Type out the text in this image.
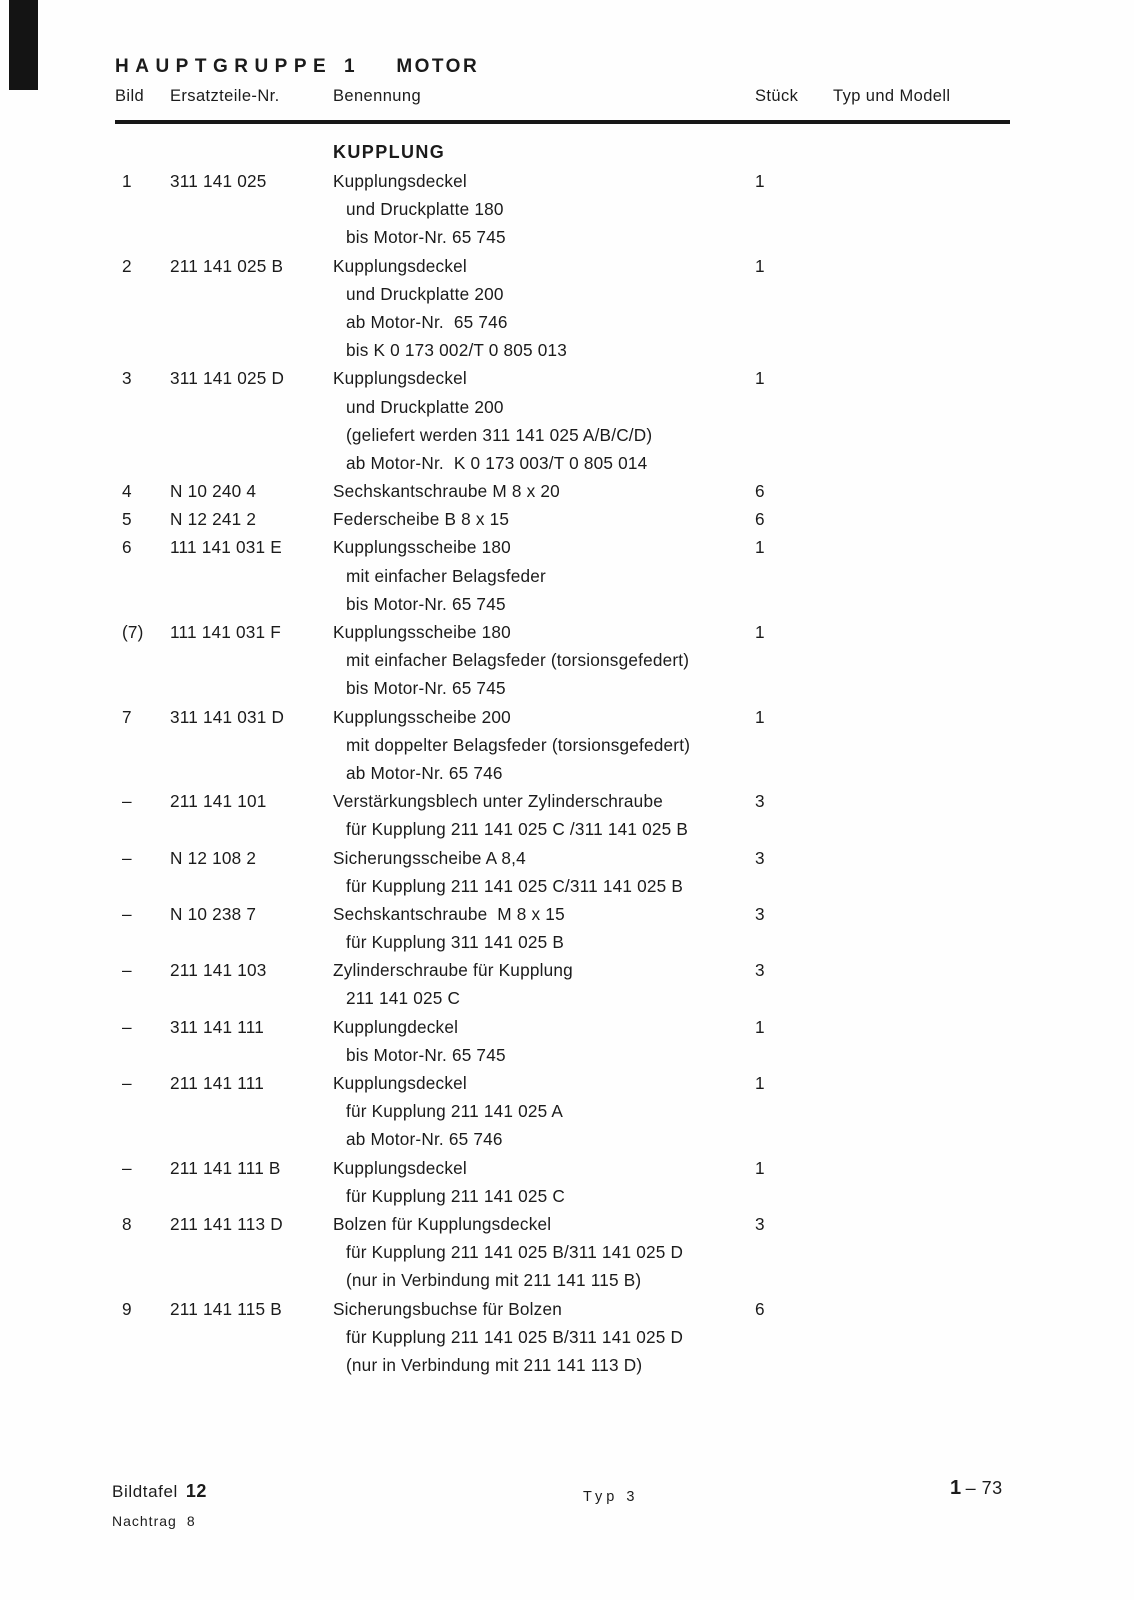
HAUPTGRUPPE 1 MOTOR
Bild	Ersatzteile-Nr.	Benennung	Stück	Typ und Modell
KUPPLUNG
1	311 141 025	Kupplungsdeckel	1
und Druckplatte 180
bis Motor-Nr. 65 745
2	211 141 025 B	Kupplungsdeckel	1
und Druckplatte 200
ab Motor-Nr.  65 746
bis K 0 173 002/T 0 805 013
3	311 141 025 D	Kupplungsdeckel	1
und Druckplatte 200
(geliefert werden 311 141 025 A/B/C/D)
ab Motor-Nr.  K 0 173 003/T 0 805 014
4	N 10 240 4	Sechskantschraube M 8 x 20	6
5	N 12 241 2	Federscheibe B 8 x 15	6
6	111 141 031 E	Kupplungsscheibe 180	1
mit einfacher Belagsfeder
bis Motor-Nr. 65 745
(7)	111 141 031 F	Kupplungsscheibe 180	1
mit einfacher Belagsfeder (torsionsgefedert)
bis Motor-Nr. 65 745
7	311 141 031 D	Kupplungsscheibe 200	1
mit doppelter Belagsfeder (torsionsgefedert)
ab Motor-Nr. 65 746
–	211 141 101	Verstärkungsblech unter Zylinderschraube	3
für Kupplung 211 141 025 C /311 141 025 B
–	N 12 108 2	Sicherungsscheibe A 8,4	3
für Kupplung 211 141 025 C/311 141 025 B
–	N 10 238 7	Sechskantschraube  M 8 x 15	3
für Kupplung 311 141 025 B
–	211 141 103	Zylinderschraube für Kupplung	3
211 141 025 C
–	311 141 111	Kupplungdeckel	1
bis Motor-Nr. 65 745
–	211 141 111	Kupplungsdeckel	1
für Kupplung 211 141 025 A
ab Motor-Nr. 65 746
–	211 141 111 B	Kupplungsdeckel	1
für Kupplung 211 141 025 C
8	211 141 113 D	Bolzen für Kupplungsdeckel	3
für Kupplung 211 141 025 B/311 141 025 D
(nur in Verbindung mit 211 141 115 B)
9	211 141 115 B	Sicherungsbuchse für Bolzen	6
für Kupplung 211 141 025 B/311 141 025 D
(nur in Verbindung mit 211 141 113 D)
Bildtafel 12
Nachtrag 8
Typ 3	1 – 73
